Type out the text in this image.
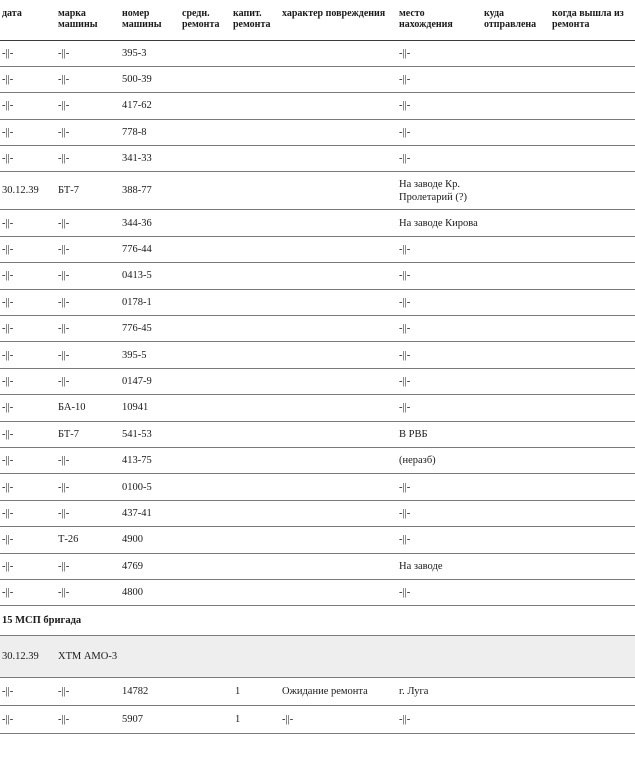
дата	марка машины	номер машины	средн. ремонта	капит. ремонта	характер повреждения	место нахождения	куда отправлена	когда вышла из ремонта
-||-	-||-	395-3				-||-		
-||-	-||-	500-39				-||-		
-||-	-||-	417-62				-||-		
-||-	-||-	778-8				-||-		
-||-	-||-	341-33				-||-		
30.12.39	БТ-7	388-77				На заводе Кр. Пролетарий (?)		
-||-	-||-	344-36				На заводе Кирова		
-||-	-||-	776-44				-||-		
-||-	-||-	0413-5				-||-		
-||-	-||-	0178-1				-||-		
-||-	-||-	776-45				-||-		
-||-	-||-	395-5				-||-		
-||-	-||-	0147-9				-||-		
-||-	БА-10	10941				-||-		
-||-	БТ-7	541-53				В РВБ		
-||-	-||-	413-75				(неразб)		
-||-	-||-	0100-5				-||-		
-||-	-||-	437-41				-||-		
-||-	Т-26	4900				-||-		
-||-	-||-	4769				На заводе		
-||-	-||-	4800				-||-		
15 МСП бригада								
30.12.39	ХТМ АМО-3							
-||-	-||-	14782		1	Ожидание ремонта	г. Луга		
-||-	-||-	5907		1	-||-	-||-		
